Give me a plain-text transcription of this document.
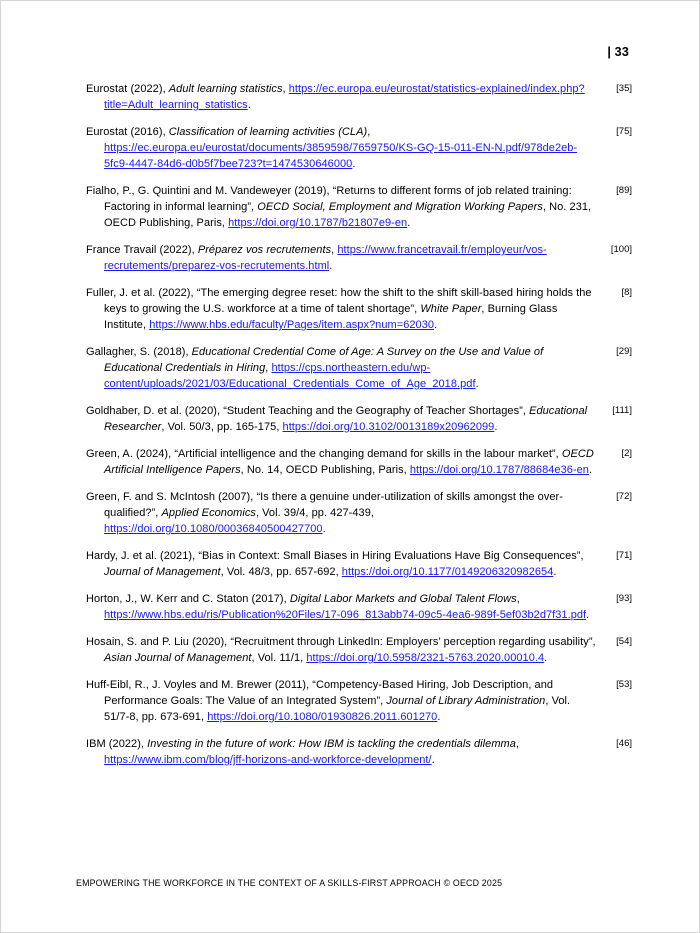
| 33
Eurostat (2022), Adult learning statistics, https://ec.europa.eu/eurostat/statistics-explained/index.php?title=Adult_learning_statistics.
[35]
Eurostat (2016), Classification of learning activities (CLA), https://ec.europa.eu/eurostat/documents/3859598/7659750/KS-GQ-15-011-EN-N.pdf/978de2eb-5fc9-4447-84d6-d0b5f7bee723?t=1474530646000.
[75]
Fialho, P., G. Quintini and M. Vandeweyer (2019), “Returns to different forms of job related training: Factoring in informal learning”, OECD Social, Employment and Migration Working Papers, No. 231, OECD Publishing, Paris, https://doi.org/10.1787/b21807e9-en.
[89]
France Travail (2022), Préparez vos recrutements, https://www.francetravail.fr/employeur/vos-recrutements/preparez-vos-recrutements.html.
[100]
Fuller, J. et al. (2022), “The emerging degree reset: how the shift to the shift skill-based hiring holds the keys to growing the U.S. workforce at a time of talent shortage”, White Paper, Burning Glass Institute, https://www.hbs.edu/faculty/Pages/item.aspx?num=62030.
[8]
Gallagher, S. (2018), Educational Credential Come of Age: A Survey on the Use and Value of Educational Credentials in Hiring, https://cps.northeastern.edu/wp-content/uploads/2021/03/Educational_Credentials_Come_of_Age_2018.pdf.
[29]
Goldhaber, D. et al. (2020), “Student Teaching and the Geography of Teacher Shortages”, Educational Researcher, Vol. 50/3, pp. 165-175, https://doi.org/10.3102/0013189x20962099.
[111]
Green, A. (2024), “Artificial intelligence and the changing demand for skills in the labour market”, OECD Artificial Intelligence Papers, No. 14, OECD Publishing, Paris, https://doi.org/10.1787/88684e36-en.
[2]
Green, F. and S. McIntosh (2007), “Is there a genuine under-utilization of skills amongst the over-qualified?”, Applied Economics, Vol. 39/4, pp. 427-439, https://doi.org/10.1080/00036840500427700.
[72]
Hardy, J. et al. (2021), “Bias in Context: Small Biases in Hiring Evaluations Have Big Consequences”, Journal of Management, Vol. 48/3, pp. 657-692, https://doi.org/10.1177/0149206320982654.
[71]
Horton, J., W. Kerr and C. Staton (2017), Digital Labor Markets and Global Talent Flows, https://www.hbs.edu/ris/Publication%20Files/17-096_813abb74-09c5-4ea6-989f-5ef03b2d7f31.pdf.
[93]
Hosain, S. and P. Liu (2020), “Recruitment through LinkedIn: Employers’ perception regarding usability”, Asian Journal of Management, Vol. 11/1, https://doi.org/10.5958/2321-5763.2020.00010.4.
[54]
Huff-Eibl, R., J. Voyles and M. Brewer (2011), “Competency-Based Hiring, Job Description, and Performance Goals: The Value of an Integrated System”, Journal of Library Administration, Vol. 51/7-8, pp. 673-691, https://doi.org/10.1080/01930826.2011.601270.
[53]
IBM (2022), Investing in the future of work: How IBM is tackling the credentials dilemma, https://www.ibm.com/blog/jff-horizons-and-workforce-development/.
[46]
EMPOWERING THE WORKFORCE IN THE CONTEXT OF A SKILLS-FIRST APPROACH © OECD 2025
